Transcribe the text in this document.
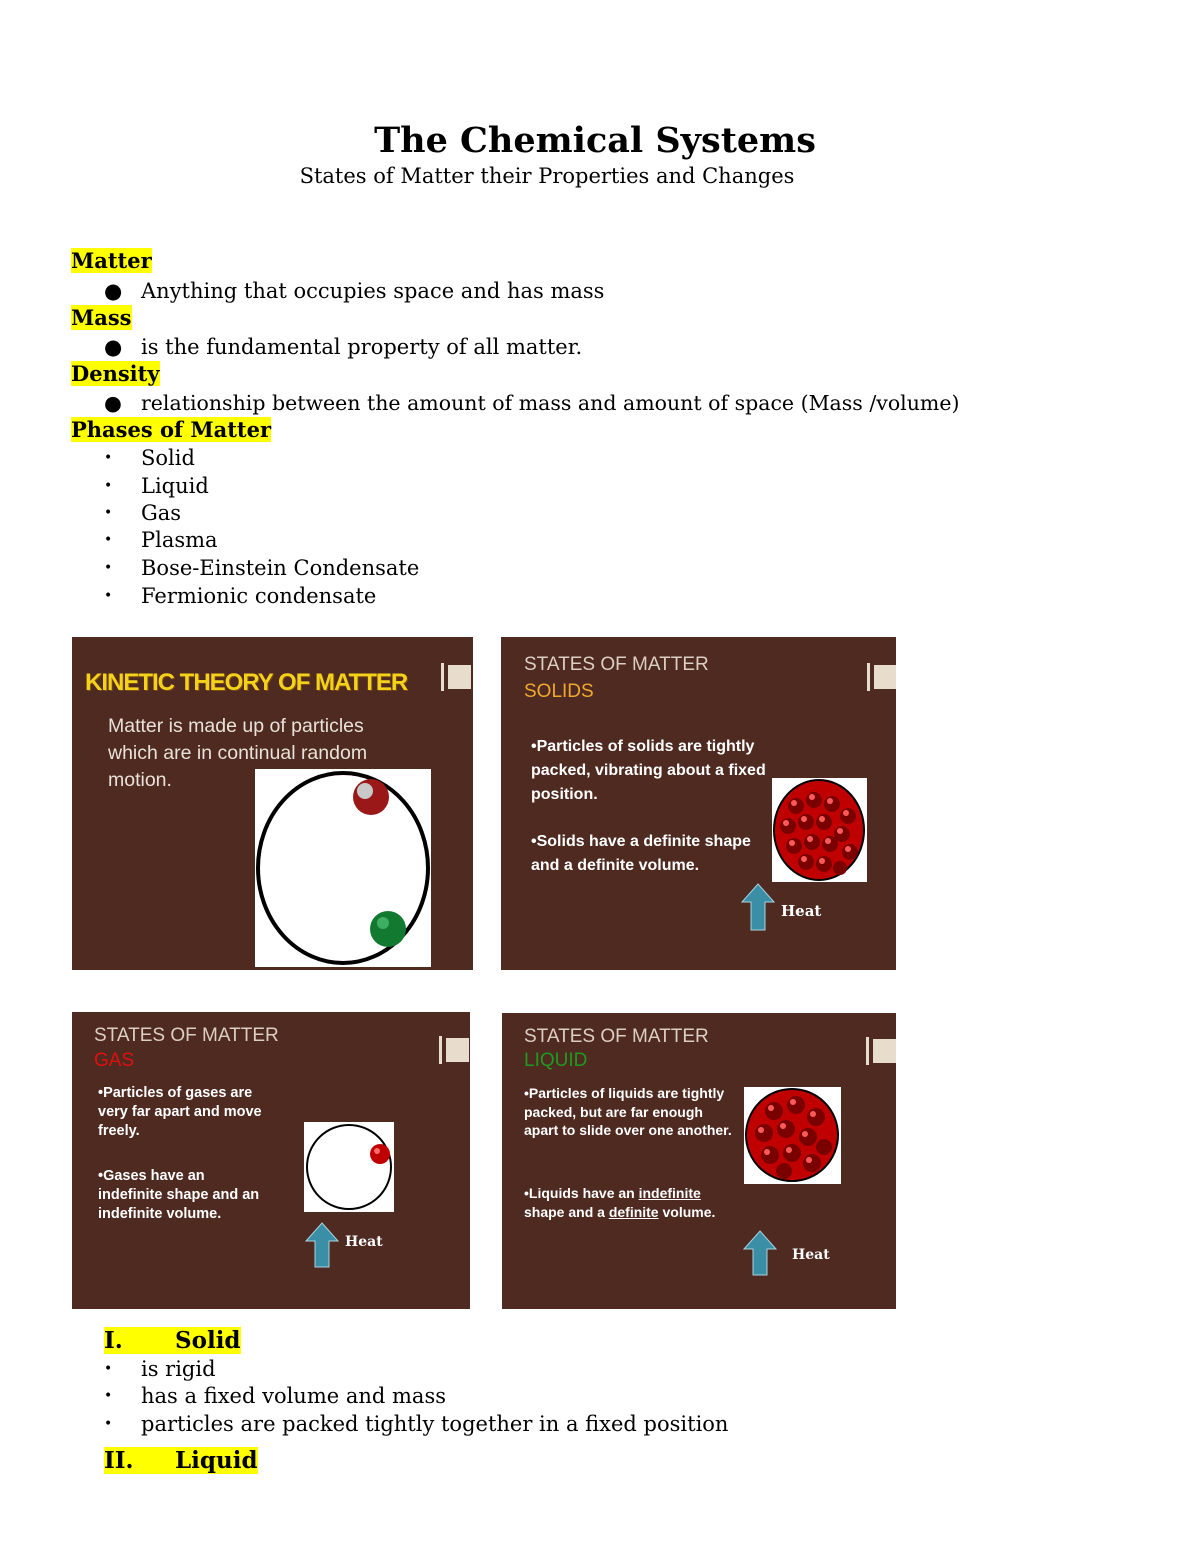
The Chemical Systems
States of Matter their Properties and Changes
Matter
● Anything that occupies space and has mass
Mass
● is the fundamental property of all matter.
Density
● relationship between the amount of mass and amount of space (Mass /volume)
Phases of Matter
• Solid
• Liquid
• Gas
• Plasma
• Bose-Einstein Condensate
• Fermionic condensate
KINETIC THEORY OF MATTER
Matter is made up of particles which are in continual random motion.
STATES OF MATTER
SOLIDS
•Particles of solids are tightly packed, vibrating about a fixed position.
•Solids have a definite shape and a definite volume.
Heat
STATES OF MATTER
GAS
•Particles of gases are very far apart and move freely.
•Gases have an indefinite shape and an indefinite volume.
Heat
STATES OF MATTER
LIQUID
•Particles of liquids are tightly packed, but are far enough apart to slide over one another.
•Liquids have an indefinite shape and a definite volume.
Heat
I. Solid
• is rigid
• has a fixed volume and mass
• particles are packed tightly together in a fixed position
II. Liquid
